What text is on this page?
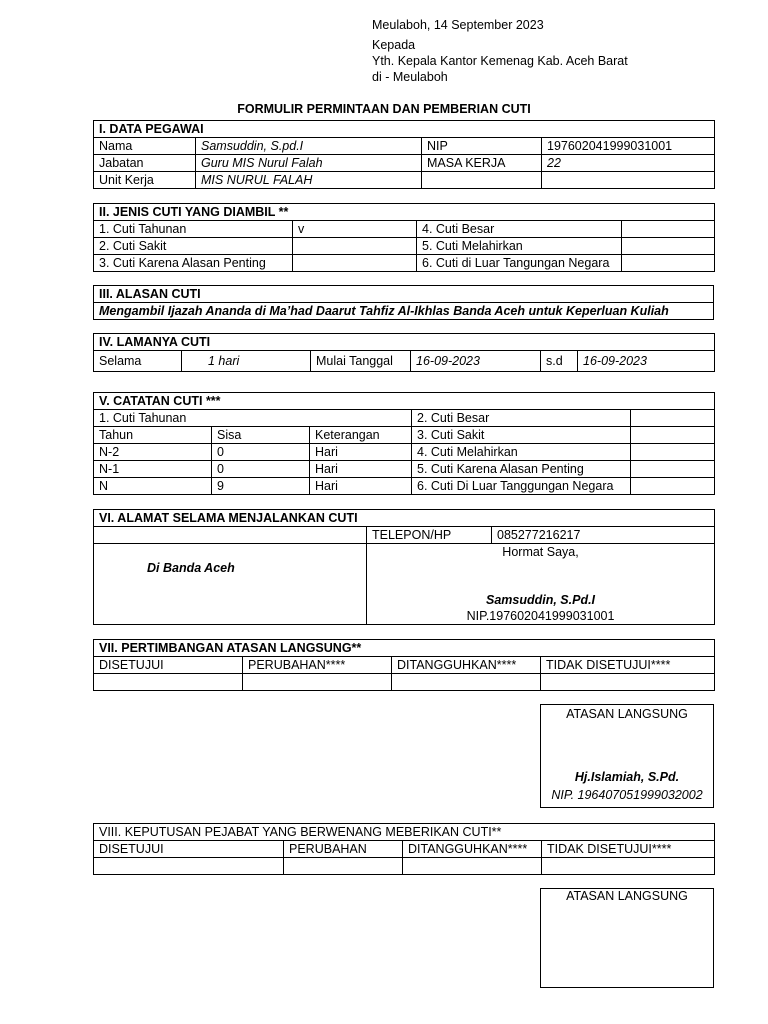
Meulaboh, 14 September 2023
Kepada
Yth. Kepala Kantor Kemenag Kab. Aceh Barat
di - Meulaboh
FORMULIR PERMINTAAN DAN PEMBERIAN CUTI
I. DATA PEGAWAI			
Nama	Samsuddin, S.pd.I	NIP	197602041999031001
Jabatan	Guru MIS Nurul Falah	MASA KERJA	22
Unit Kerja	MIS NURUL FALAH		
II. JENIS CUTI YANG DIAMBIL **			
1. Cuti Tahunan	v	4. Cuti Besar	
2. Cuti Sakit		5. Cuti Melahirkan	
3. Cuti Karena Alasan Penting		6. Cuti di Luar Tangungan Negara	
III. ALASAN CUTI
Mengambil Ijazah Ananda di Ma’had Daarut Tahfiz Al-Ikhlas Banda Aceh untuk Keperluan Kuliah
IV. LAMANYA CUTI
Selama	1 hari	Mulai Tanggal	16-09-2023	s.d	16-09-2023
V. CATATAN CUTI ***				
1. Cuti Tahunan			2. Cuti Besar	
Tahun	Sisa	Keterangan	3. Cuti Sakit	
N-2	0	Hari	4. Cuti Melahirkan	
N-1	0	Hari	5. Cuti Karena Alasan Penting	
N	9	Hari	6. Cuti Di Luar Tanggungan Negara	
VI. ALAMAT SELAMA MENJALANKAN CUTI		
	TELEPON/HP	085277216217

Di Banda Aceh	Hormat Saya,
Samsuddin, S.Pd.I
NIP.197602041999031001	
VII. PERTIMBANGAN ATASAN LANGSUNG**			
DISETUJUI	PERUBAHAN****	DITANGGUHKAN****	TIDAK DISETUJUI****

ATASAN LANGSUNG
Hj.Islamiah, S.Pd.
NIP. 196407051999032002
VIII. KEPUTUSAN PEJABAT YANG BERWENANG MEBERIKAN CUTI**			
DISETUJUI	PERUBAHAN	DITANGGUHKAN****	TIDAK DISETUJUI****

ATASAN LANGSUNG
